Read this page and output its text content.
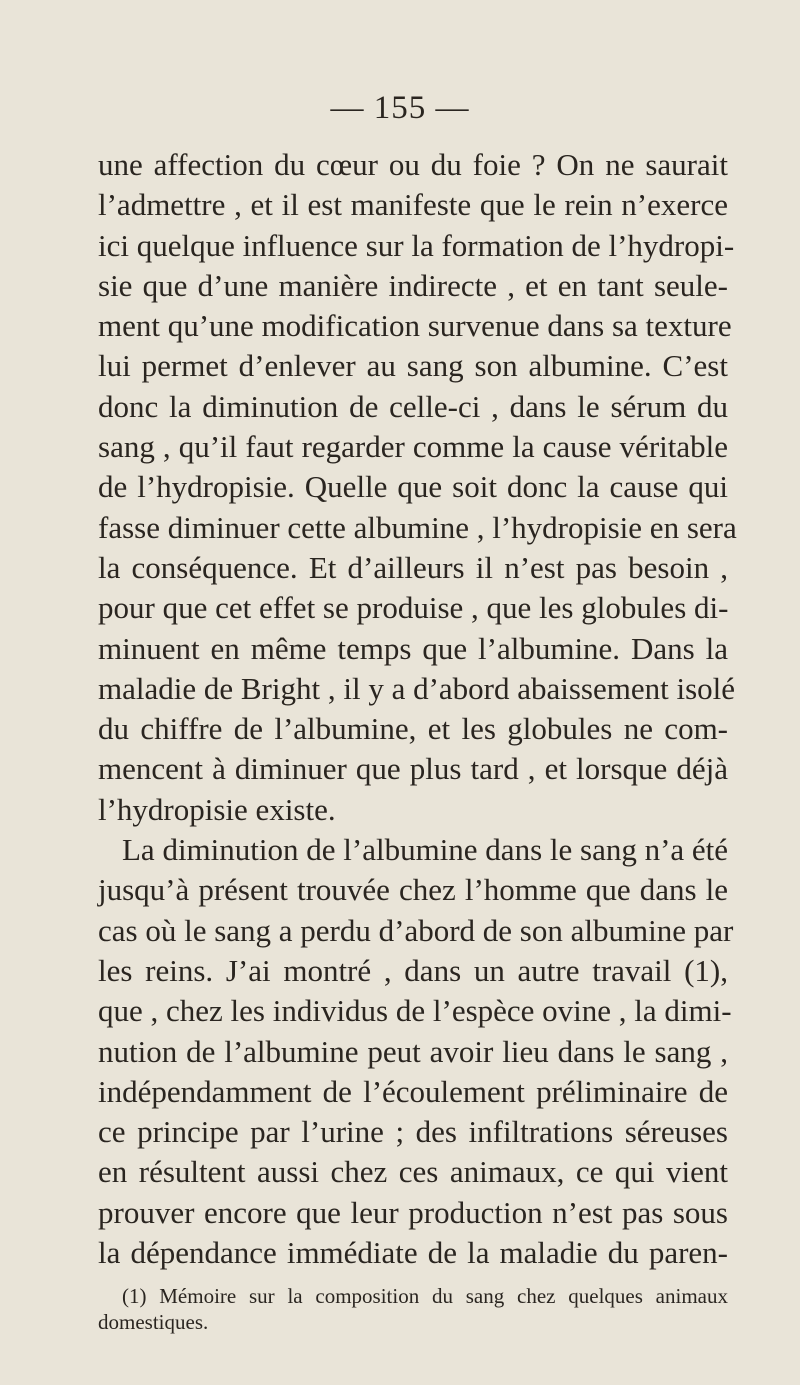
— 155 —
une affection du cœur ou du foie ? On ne saurait
l’admettre , et il est manifeste que le rein n’exerce
ici quelque influence sur la formation de l’hydropi-
sie que d’une manière indirecte , et en tant seule-
ment qu’une modification survenue dans sa texture
lui permet d’enlever au sang son albumine. C’est
donc la diminution de celle-ci , dans le sérum du
sang , qu’il faut regarder comme la cause véritable
de l’hydropisie. Quelle que soit donc la cause qui
fasse diminuer cette albumine , l’hydropisie en sera
la conséquence. Et d’ailleurs il n’est pas besoin ,
pour que cet effet se produise , que les globules di-
minuent en même temps que l’albumine. Dans la
maladie de Bright , il y a d’abord abaissement isolé
du chiffre de l’albumine, et les globules ne com-
mencent à diminuer que plus tard , et lorsque déjà
l’hydropisie existe.
La diminution de l’albumine dans le sang n’a été
jusqu’à présent trouvée chez l’homme que dans le
cas où le sang a perdu d’abord de son albumine par
les reins. J’ai montré , dans un autre travail (1),
que , chez les individus de l’espèce ovine , la dimi-
nution de l’albumine peut avoir lieu dans le sang ,
indépendamment de l’écoulement préliminaire de
ce principe par l’urine ; des infiltrations séreuses
en résultent aussi chez ces animaux, ce qui vient
prouver encore que leur production n’est pas sous
la dépendance immédiate de la maladie du paren-
(1) Mémoire sur la composition du sang chez quelques animaux
domestiques.
